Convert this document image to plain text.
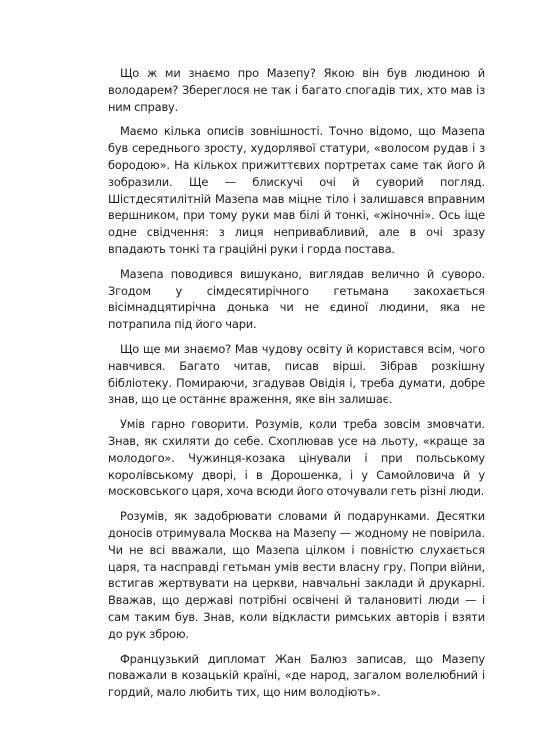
Що ж ми знаємо про Мазепу? Якою він був людиною й володарем? Збереглося не так і багато спогадів тих, хто мав із ним справу.

Маємо кілька описів зовнішності. Точно відомо, що Мазепа був середнього зросту, худорлявої статури, «волосом рудав і з бородою». На кількох прижиттєвих портретах саме так його й зобразили. Ще — блискучі очі й суворий погляд. Шістдесятилітній Мазепа мав міцне тіло і залишався вправним вершником, при тому руки мав білі й тонкі, «жіночні». Ось іще одне свідчення: з лиця непривабливий, але в очі зразу впадають тонкі та граційні руки і горда постава.

Мазепа поводився вишукано, виглядав велично й суворо. Згодом у сімдесятирічного гетьмана закохається вісімнадцятирічна донька чи не єдиної людини, яка не потрапила під його чари.

Що ще ми знаємо? Мав чудову освіту й користався всім, чого навчився. Багато читав, писав вірші. Зібрав розкішну бібліотеку. Помираючи, згадував Овідія і, треба думати, добре знав, що це останнє враження, яке він залишає.

Умів гарно говорити. Розумів, коли треба зовсім змовчати. Знав, як схиляти до себе. Схоплював усе на льоту, «краще за молодого». Чужинця-козака цінували і при польському королівському дворі, і в Дорошенка, і у Самойловича й у московського царя, хоча всюди його оточували геть різні люди.

Розумів, як задобрювати словами й подарунками. Десятки доносів отримувала Москва на Мазепу — жодному не повірила. Чи не всі вважали, що Мазепа цілком і повністю слухається царя, та насправді гетьман умів вести власну гру. Попри війни, встигав жертвувати на церкви, навчальні заклади й друкарні. Вважав, що державі потрібні освічені й талановиті люди — і сам таким був. Знав, коли відкласти римських авторів і взяти до рук зброю.

Французький дипломат Жан Балюз записав, що Мазепу поважали в козацькій країні, «де народ, загалом волелюбний і гордий, мало любить тих, що ним володіють».
